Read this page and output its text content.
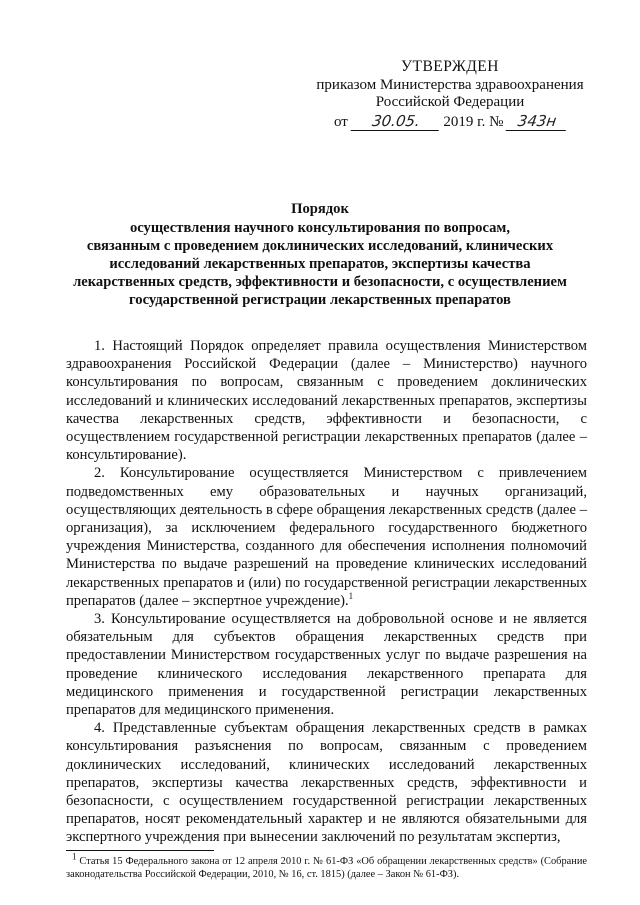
УТВЕРЖДЕН
приказом Министерства здравоохранения
Российской Федерации
от 30.05. 2019 г. № 343н
Порядок
осуществления научного консультирования по вопросам,
связанным с проведением доклинических исследований, клинических
исследований лекарственных препаратов, экспертизы качества
лекарственных средств, эффективности и безопасности, с осуществлением
государственной регистрации лекарственных препаратов

1. Настоящий Порядок определяет правила осуществления Министерством здравоохранения Российской Федерации (далее – Министерство) научного консультирования по вопросам, связанным с проведением доклинических исследований и клинических исследований лекарственных препаратов, экспертизы качества лекарственных средств, эффективности и безопасности, с осуществлением государственной регистрации лекарственных препаратов (далее – консультирование).

2. Консультирование осуществляется Министерством с привлечением подведомственных ему образовательных и научных организаций, осуществляющих деятельность в сфере обращения лекарственных средств (далее – организация), за исключением федерального государственного бюджетного учреждения Министерства, созданного для обеспечения исполнения полномочий Министерства по выдаче разрешений на проведение клинических исследований лекарственных препаратов и (или) по государственной регистрации лекарственных препаратов (далее – экспертное учреждение).$^1$

3. Консультирование осуществляется на добровольной основе и не является обязательным для субъектов обращения лекарственных средств при предоставлении Министерством государственных услуг по выдаче разрешения на проведение клинического исследования лекарственного препарата для медицинского применения и государственной регистрации лекарственных препаратов для медицинского применения.

4. Представленные субъектам обращения лекарственных средств в рамках консультирования разъяснения по вопросам, связанным с проведением доклинических исследований, клинических исследований лекарственных препаратов, экспертизы качества лекарственных средств, эффективности и безопасности, с осуществлением государственной регистрации лекарственных препаратов, носят рекомендательный характер и не являются обязательными для экспертного учреждения при вынесении заключений по результатам экспертиз,

$^1$ Статья 15 Федерального закона от 12 апреля 2010 г. № 61-ФЗ «Об обращении лекарственных средств» (Собрание законодательства Российской Федерации, 2010, № 16, ст. 1815) (далее – Закон № 61-ФЗ).
